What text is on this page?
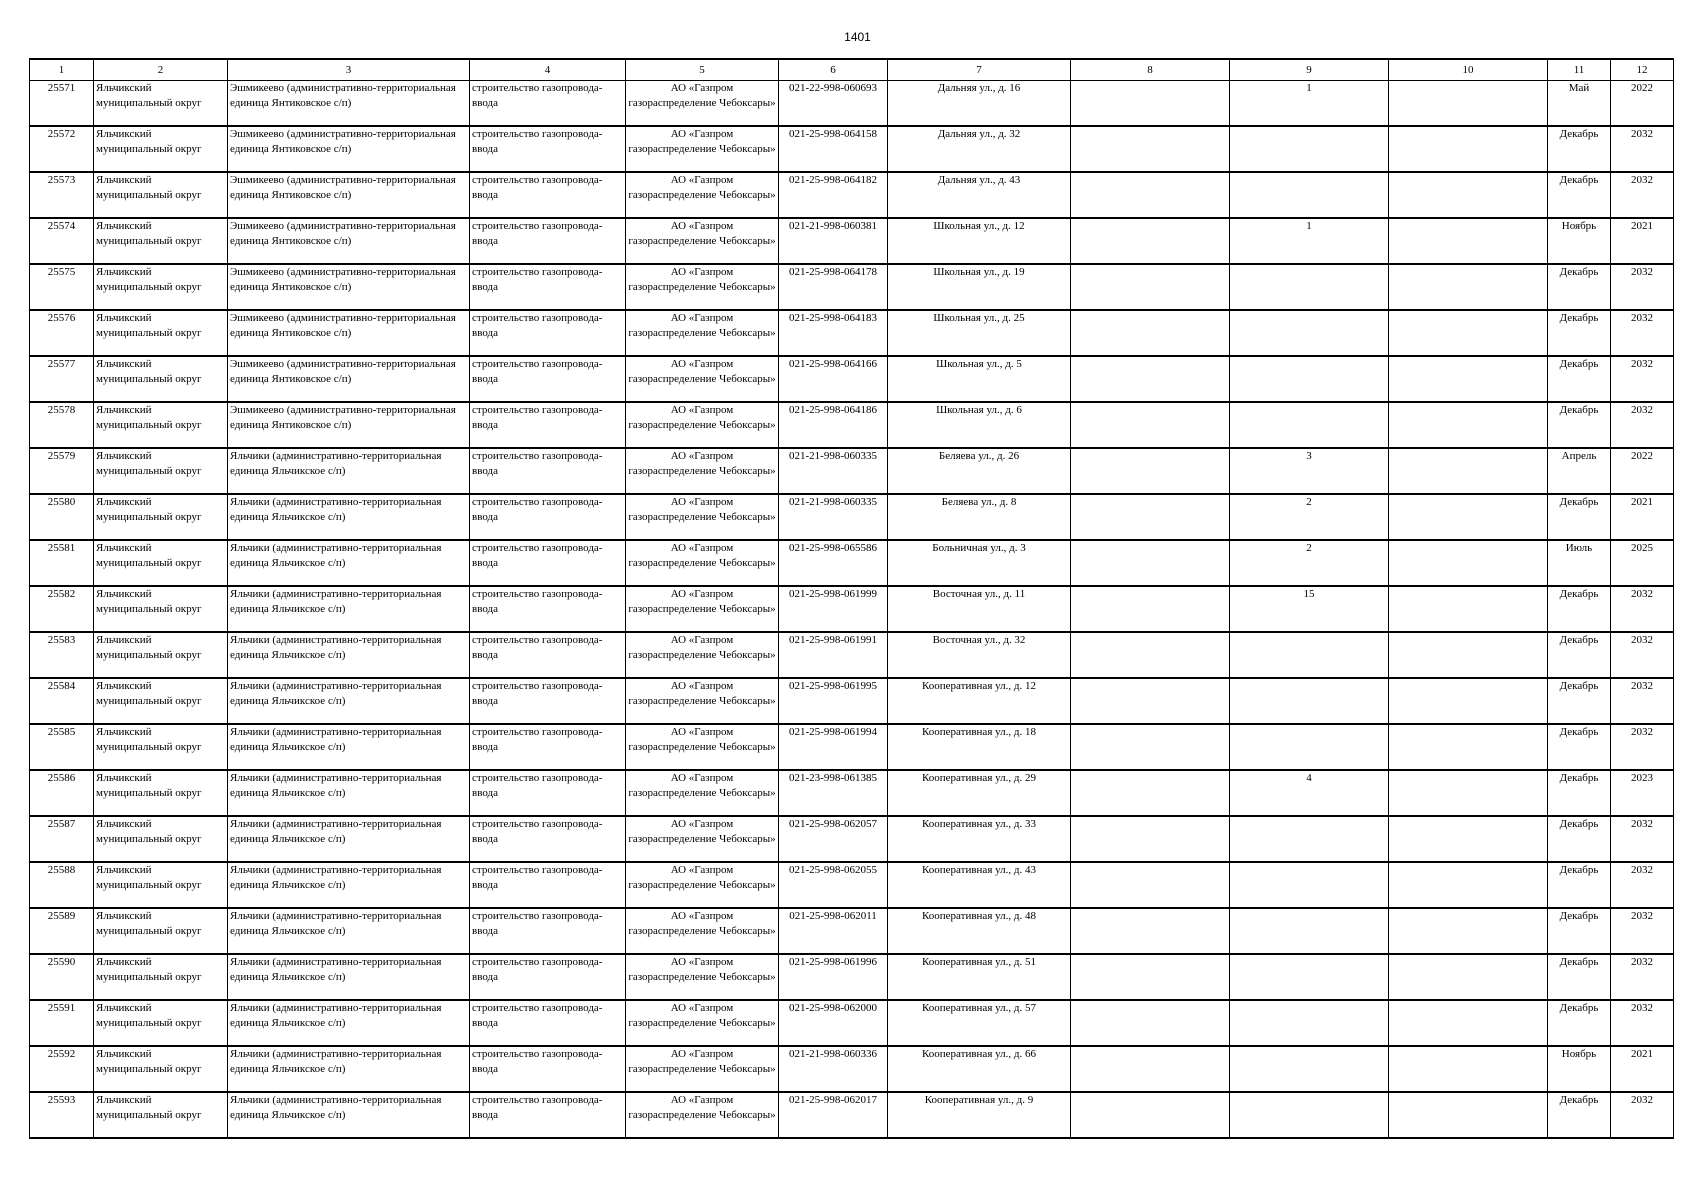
1401
1	2	3	4	5	6	7	8	9	10	11	12
25571	Яльчикский муниципальный округ	Эшмикеево (административно-территориальная единица Янтиковское с/п)	строительство газопровода-ввода	АО «Газпром газораспределение Чебоксары»	021-22-998-060693	Дальняя ул., д. 16		1		Май	2022
25572	Яльчикский муниципальный округ	Эшмикеево (административно-территориальная единица Янтиковское с/п)	строительство газопровода-ввода	АО «Газпром газораспределение Чебоксары»	021-25-998-064158	Дальняя ул., д. 32				Декабрь	2032
25573	Яльчикский муниципальный округ	Эшмикеево (административно-территориальная единица Янтиковское с/п)	строительство газопровода-ввода	АО «Газпром газораспределение Чебоксары»	021-25-998-064182	Дальняя ул., д. 43				Декабрь	2032
25574	Яльчикский муниципальный округ	Эшмикеево (административно-территориальная единица Янтиковское с/п)	строительство газопровода-ввода	АО «Газпром газораспределение Чебоксары»	021-21-998-060381	Школьная ул., д. 12		1		Ноябрь	2021
25575	Яльчикский муниципальный округ	Эшмикеево (административно-территориальная единица Янтиковское с/п)	строительство газопровода-ввода	АО «Газпром газораспределение Чебоксары»	021-25-998-064178	Школьная ул., д. 19				Декабрь	2032
25576	Яльчикский муниципальный округ	Эшмикеево (административно-территориальная единица Янтиковское с/п)	строительство газопровода-ввода	АО «Газпром газораспределение Чебоксары»	021-25-998-064183	Школьная ул., д. 25				Декабрь	2032
25577	Яльчикский муниципальный округ	Эшмикеево (административно-территориальная единица Янтиковское с/п)	строительство газопровода-ввода	АО «Газпром газораспределение Чебоксары»	021-25-998-064166	Школьная ул., д. 5				Декабрь	2032
25578	Яльчикский муниципальный округ	Эшмикеево (административно-территориальная единица Янтиковское с/п)	строительство газопровода-ввода	АО «Газпром газораспределение Чебоксары»	021-25-998-064186	Школьная ул., д. 6				Декабрь	2032
25579	Яльчикский муниципальный округ	Яльчики (административно-территориальная единица Яльчикское с/п)	строительство газопровода-ввода	АО «Газпром газораспределение Чебоксары»	021-21-998-060335	Беляева ул., д. 26		3		Апрель	2022
25580	Яльчикский муниципальный округ	Яльчики (административно-территориальная единица Яльчикское с/п)	строительство газопровода-ввода	АО «Газпром газораспределение Чебоксары»	021-21-998-060335	Беляева ул., д. 8		2		Декабрь	2021
25581	Яльчикский муниципальный округ	Яльчики (административно-территориальная единица Яльчикское с/п)	строительство газопровода-ввода	АО «Газпром газораспределение Чебоксары»	021-25-998-065586	Больничная ул., д. 3		2		Июль	2025
25582	Яльчикский муниципальный округ	Яльчики (административно-территориальная единица Яльчикское с/п)	строительство газопровода-ввода	АО «Газпром газораспределение Чебоксары»	021-25-998-061999	Восточная ул., д. 11		15		Декабрь	2032
25583	Яльчикский муниципальный округ	Яльчики (административно-территориальная единица Яльчикское с/п)	строительство газопровода-ввода	АО «Газпром газораспределение Чебоксары»	021-25-998-061991	Восточная ул., д. 32				Декабрь	2032
25584	Яльчикский муниципальный округ	Яльчики (административно-территориальная единица Яльчикское с/п)	строительство газопровода-ввода	АО «Газпром газораспределение Чебоксары»	021-25-998-061995	Кооперативная ул., д. 12				Декабрь	2032
25585	Яльчикский муниципальный округ	Яльчики (административно-территориальная единица Яльчикское с/п)	строительство газопровода-ввода	АО «Газпром газораспределение Чебоксары»	021-25-998-061994	Кооперативная ул., д. 18				Декабрь	2032
25586	Яльчикский муниципальный округ	Яльчики (административно-территориальная единица Яльчикское с/п)	строительство газопровода-ввода	АО «Газпром газораспределение Чебоксары»	021-23-998-061385	Кооперативная ул., д. 29		4		Декабрь	2023
25587	Яльчикский муниципальный округ	Яльчики (административно-территориальная единица Яльчикское с/п)	строительство газопровода-ввода	АО «Газпром газораспределение Чебоксары»	021-25-998-062057	Кооперативная ул., д. 33				Декабрь	2032
25588	Яльчикский муниципальный округ	Яльчики (административно-территориальная единица Яльчикское с/п)	строительство газопровода-ввода	АО «Газпром газораспределение Чебоксары»	021-25-998-062055	Кооперативная ул., д. 43				Декабрь	2032
25589	Яльчикский муниципальный округ	Яльчики (административно-территориальная единица Яльчикское с/п)	строительство газопровода-ввода	АО «Газпром газораспределение Чебоксары»	021-25-998-062011	Кооперативная ул., д. 48				Декабрь	2032
25590	Яльчикский муниципальный округ	Яльчики (административно-территориальная единица Яльчикское с/п)	строительство газопровода-ввода	АО «Газпром газораспределение Чебоксары»	021-25-998-061996	Кооперативная ул., д. 51				Декабрь	2032
25591	Яльчикский муниципальный округ	Яльчики (административно-территориальная единица Яльчикское с/п)	строительство газопровода-ввода	АО «Газпром газораспределение Чебоксары»	021-25-998-062000	Кооперативная ул., д. 57				Декабрь	2032
25592	Яльчикский муниципальный округ	Яльчики (административно-территориальная единица Яльчикское с/п)	строительство газопровода-ввода	АО «Газпром газораспределение Чебоксары»	021-21-998-060336	Кооперативная ул., д. 66				Ноябрь	2021
25593	Яльчикский муниципальный округ	Яльчики (административно-территориальная единица Яльчикское с/п)	строительство газопровода-ввода	АО «Газпром газораспределение Чебоксары»	021-25-998-062017	Кооперативная ул., д. 9				Декабрь	2032
